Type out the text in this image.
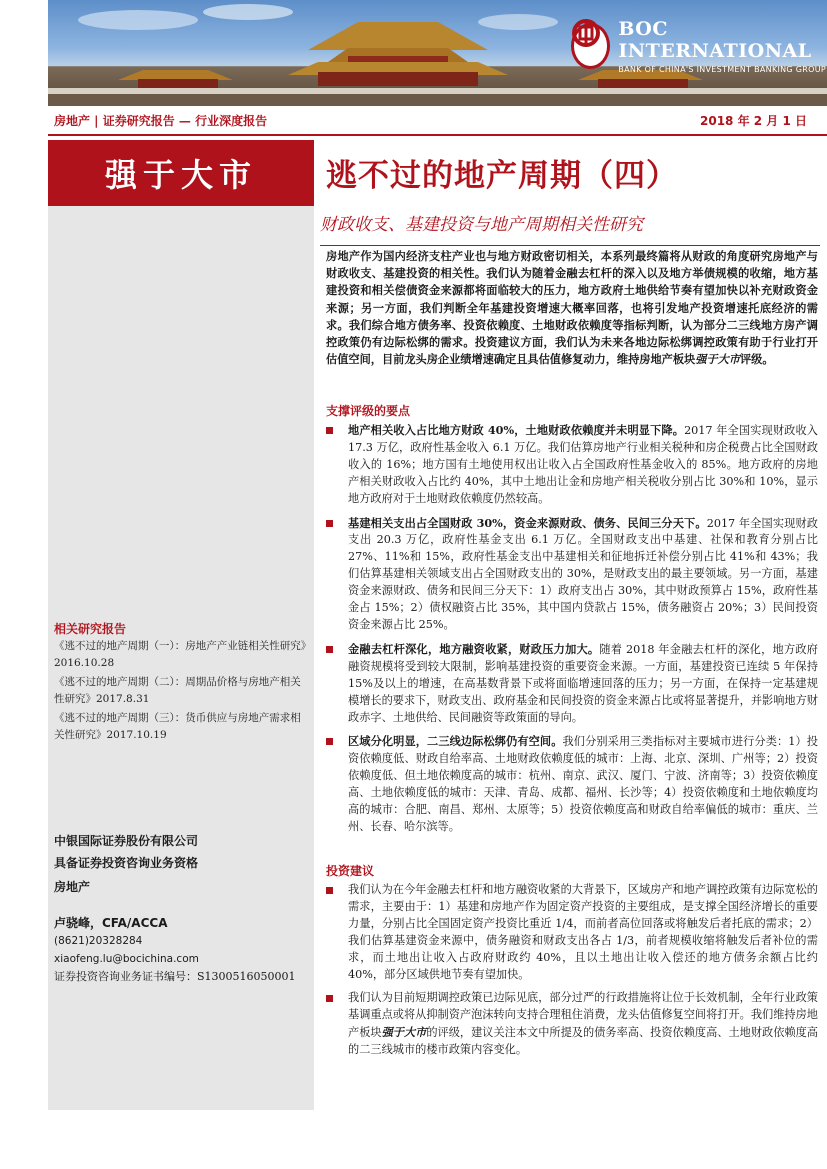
BOC INTERNATIONAL
BANK OF CHINA'S INVESTMENT BANKING GROUP
房地产 | 证券研究报告 — 行业深度报告	2018 年 2 月 1 日
强于大市
相关研究报告
《逃不过的地产周期（一）：房地产产业链相关性研究》2016.10.28
《逃不过的地产周期（二）：周期品价格与房地产相关性研究》2017.8.31
《逃不过的地产周期（三）：货币供应与房地产需求相关性研究》2017.10.19
中银国际证券股份有限公司
具备证券投资咨询业务资格
房地产
卢骁峰，CFA/ACCA
(8621)20328284
xiaofeng.lu@bocichina.com
证券投资咨询业务证书编号：S1300516050001
逃不过的地产周期（四）
财政收支、基建投资与地产周期相关性研究
房地产作为国内经济支柱产业也与地方财政密切相关，本系列最终篇将从财政的角度研究房地产与财政收支、基建投资的相关性。我们认为随着金融去杠杆的深入以及地方举债规模的收缩，地方基建投资和相关偿债资金来源都将面临较大的压力，地方政府土地供给节奏有望加快以补充财政资金来源；另一方面，我们判断全年基建投资增速大概率回落，也将引发地产投资增速托底经济的需求。我们综合地方债务率、投资依赖度、土地财政依赖度等指标判断，认为部分二三线地方房产调控政策仍有边际松绑的需求。投资建议方面，我们认为未来各地边际松绑调控政策有助于行业打开估值空间，目前龙头房企业绩增速确定且具估值修复动力，维持房地产板块强于大市评级。
支撑评级的要点
地产相关收入占比地方财政 40%，土地财政依赖度并未明显下降。2017 年全国实现财政收入 17.3 万亿，政府性基金收入 6.1 万亿。我们估算房地产行业相关税种和房企税费占比全国财政收入的 16%；地方国有土地使用权出让收入占全国政府性基金收入的 85%。地方政府的房地产相关财政收入占比约 40%，其中土地出让金和房地产相关税收分别占比 30%和 10%，显示地方政府对于土地财政依赖度仍然较高。
基建相关支出占全国财政 30%，资金来源财政、债务、民间三分天下。2017 年全国实现财政支出 20.3 万亿，政府性基金支出 6.1 万亿。全国财政支出中基建、社保和教育分别占比 27%、11%和 15%，政府性基金支出中基建相关和征地拆迁补偿分别占比 41%和 43%；我们估算基建相关领域支出占全国财政支出的 30%，是财政支出的最主要领域。另一方面，基建资金来源财政、债务和民间三分天下：1）政府支出占 30%，其中财政预算占 15%，政府性基金占 15%；2）债权融资占比 35%，其中国内贷款占 15%，债务融资占 20%；3）民间投资资金来源占比 25%。
金融去杠杆深化，地方融资收紧，财政压力加大。随着 2018 年金融去杠杆的深化，地方政府融资规模将受到较大限制，影响基建投资的重要资金来源。一方面，基建投资已连续 5 年保持 15%及以上的增速，在高基数背景下或将面临增速回落的压力；另一方面，在保持一定基建规模增长的要求下，财政支出、政府基金和民间投资的资金来源占比或将显著提升，并影响地方财政赤字、土地供给、民间融资等政策面的导向。
区域分化明显，二三线边际松绑仍有空间。我们分别采用三类指标对主要城市进行分类：1）投资依赖度低、财政自给率高、土地财政依赖度低的城市：上海、北京、深圳、广州等；2）投资依赖度低、但土地依赖度高的城市：杭州、南京、武汉、厦门、宁波、济南等；3）投资依赖度高、土地依赖度低的城市：天津、青岛、成都、福州、长沙等；4）投资依赖度和土地依赖度均高的城市：合肥、南昌、郑州、太原等；5）投资依赖度高和财政自给率偏低的城市：重庆、兰州、长春、哈尔滨等。
投资建议
我们认为在今年金融去杠杆和地方融资收紧的大背景下，区域房产和地产调控政策有边际宽松的需求，主要由于：1）基建和房地产作为固定资产投资的主要组成，是支撑全国经济增长的重要力量，分别占比全国固定资产投资比重近 1/4，而前者高位回落或将触发后者托底的需求；2）我们估算基建资金来源中，债务融资和财政支出各占 1/3，前者规模收缩将触发后者补位的需求，而土地出让收入占政府财政约 40%，且以土地出让收入偿还的地方债务余额占比约 40%，部分区域供地节奏有望加快。
我们认为目前短期调控政策已边际见底，部分过严的行政措施将让位于长效机制，全年行业政策基调重点或将从抑制资产泡沫转向支持合理租住消费，龙头估值修复空间将打开。我们维持房地产板块强于大市的评级，建议关注本文中所提及的债务率高、投资依赖度高、土地财政依赖度高的二三线城市的楼市政策内容变化。
